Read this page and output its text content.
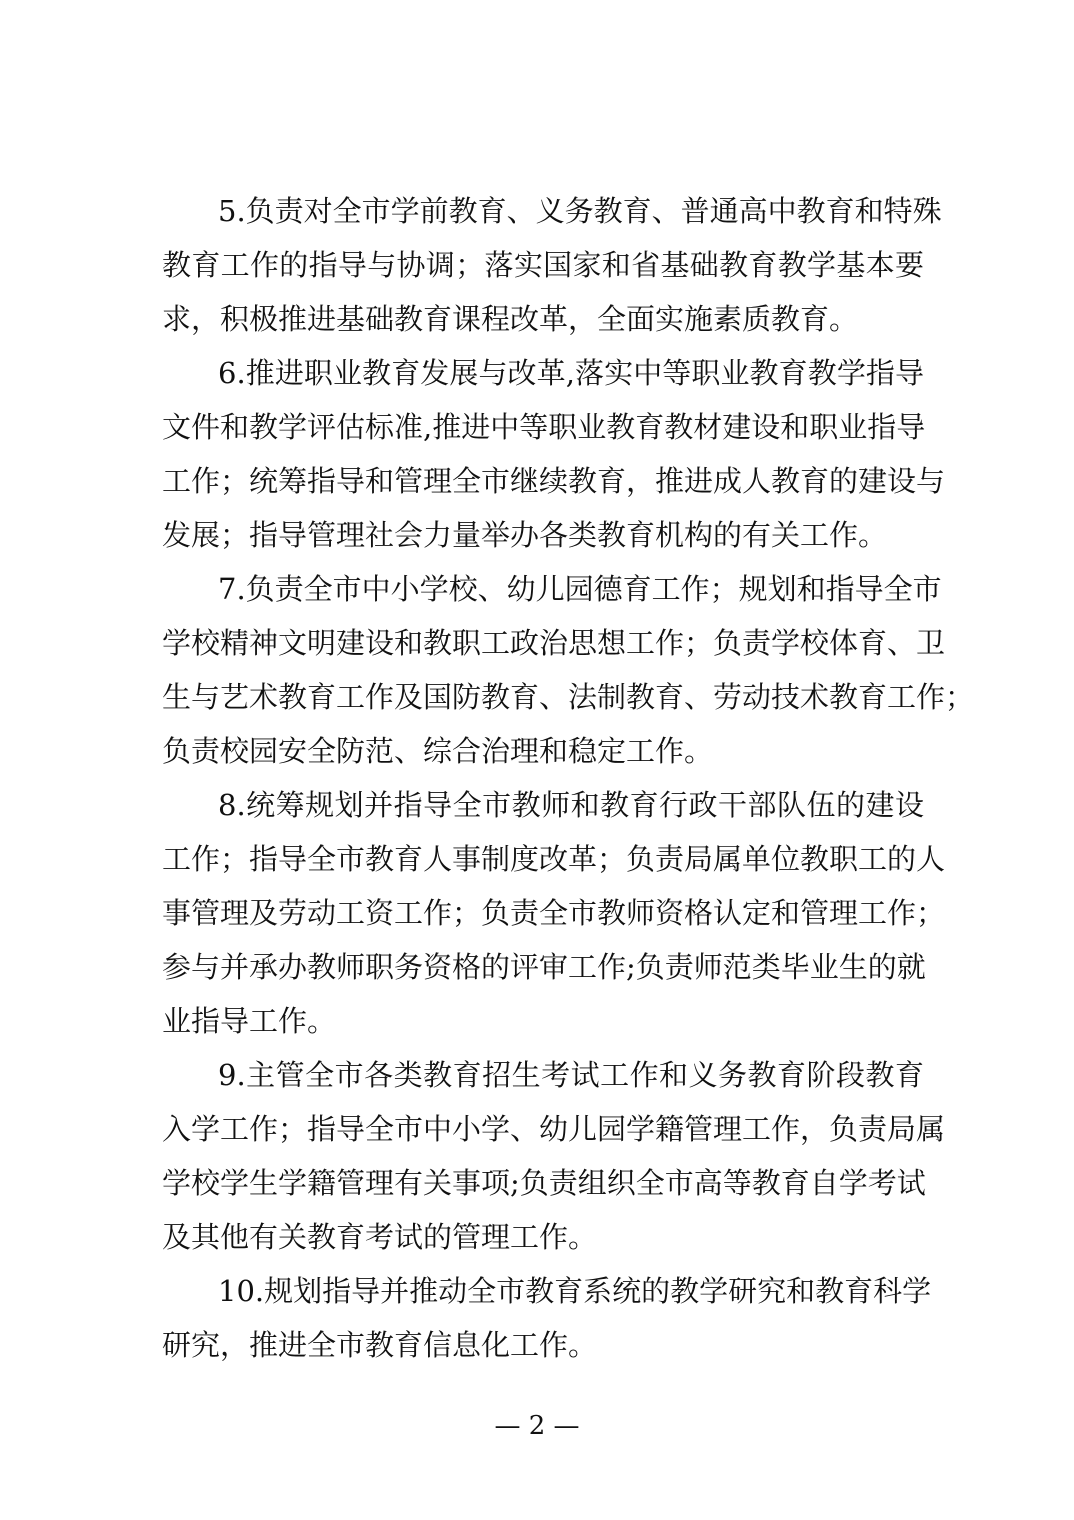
5.负责对全市学前教育、义务教育、普通高中教育和特殊
教育工作的指导与协调；落实国家和省基础教育教学基本要
求，积极推进基础教育课程改革，全面实施素质教育。
6.推进职业教育发展与改革,落实中等职业教育教学指导
文件和教学评估标准,推进中等职业教育教材建设和职业指导
工作；统筹指导和管理全市继续教育，推进成人教育的建设与
发展；指导管理社会力量举办各类教育机构的有关工作。
7.负责全市中小学校、幼儿园德育工作；规划和指导全市
学校精神文明建设和教职工政治思想工作；负责学校体育、卫
生与艺术教育工作及国防教育、法制教育、劳动技术教育工作；
负责校园安全防范、综合治理和稳定工作。
8.统筹规划并指导全市教师和教育行政干部队伍的建设
工作；指导全市教育人事制度改革；负责局属单位教职工的人
事管理及劳动工资工作；负责全市教师资格认定和管理工作；
参与并承办教师职务资格的评审工作;负责师范类毕业生的就
业指导工作。
9.主管全市各类教育招生考试工作和义务教育阶段教育
入学工作；指导全市中小学、幼儿园学籍管理工作，负责局属
学校学生学籍管理有关事项;负责组织全市高等教育自学考试
及其他有关教育考试的管理工作。
10.规划指导并推动全市教育系统的教学研究和教育科学
研究，推进全市教育信息化工作。
— 2 —
